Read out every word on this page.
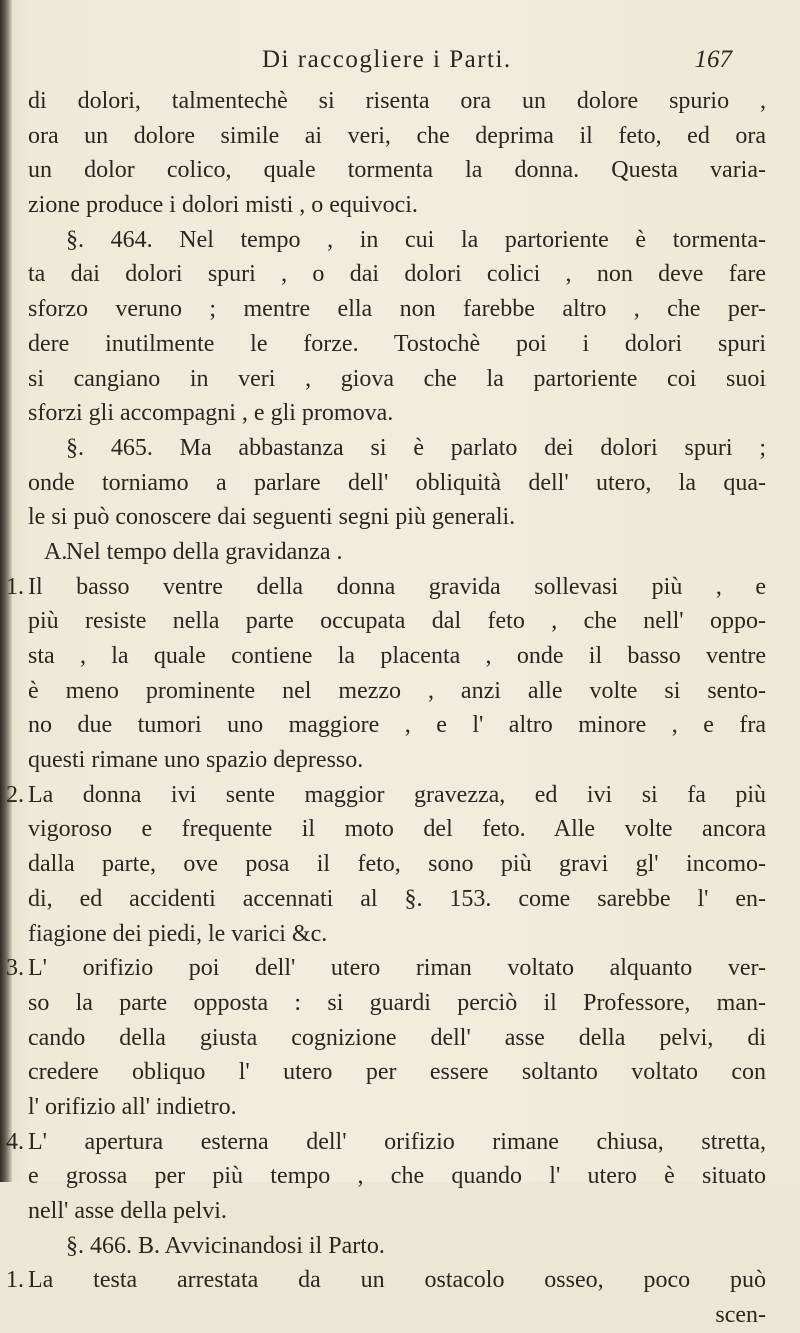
Di raccogliere i Parti.	167
di dolori, talmentechè si risenta ora un dolore spurio ,
ora un dolore simile ai veri, che deprima il feto, ed ora
un dolor colico, quale tormenta la donna. Questa varia-
zione produce i dolori misti , o equivoci.
§. 464. Nel tempo , in cui la partoriente è tormenta-
ta dai dolori spuri , o dai dolori colici , non deve fare
sforzo veruno ; mentre ella non farebbe altro , che per-
dere inutilmente le forze. Tostochè poi i dolori spuri
si cangiano in veri , giova che la partoriente coi suoi
sforzi gli accompagni , e gli promova.
§. 465. Ma abbastanza si è parlato dei dolori spuri ;
onde torniamo a parlare dell' obliquità dell' utero, la qua-
le si può conoscere dai seguenti segni più generali.
A.Nel tempo della gravidanza .
1. Il basso ventre della donna gravida sollevasi più , e
più resiste nella parte occupata dal feto , che nell' oppo-
sta , la quale contiene la placenta , onde il basso ventre
è meno prominente nel mezzo , anzi alle volte si sento-
no due tumori uno maggiore , e l' altro minore , e fra
questi rimane uno spazio depresso.
2. La donna ivi sente maggior gravezza, ed ivi si fa più
vigoroso e frequente il moto del feto. Alle volte ancora
dalla parte, ove posa il feto, sono più gravi gl' incomo-
di, ed accidenti accennati al §. 153. come sarebbe l' en-
fiagione dei piedi, le varici &c.
3. L' orifizio poi dell' utero riman voltato alquanto ver-
so la parte opposta : si guardi perciò il Professore, man-
cando della giusta cognizione dell' asse della pelvi, di
credere obliquo l' utero per essere soltanto voltato con
l' orifizio all' indietro.
4. L' apertura esterna dell' orifizio rimane chiusa, stretta,
e grossa per più tempo , che quando l' utero è situato
nell' asse della pelvi.
§. 466. B. Avvicinandosi il Parto.
1. La testa arrestata da un ostacolo osseo, poco può
scen-
